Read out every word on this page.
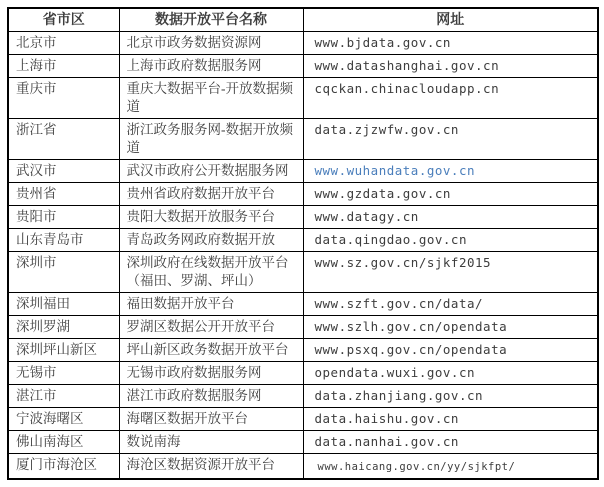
省市区	数据开放平台名称	网址
北京市	北京市政务数据资源网	www.bjdata.gov.cn
上海市	上海市政府数据服务网	www.datashanghai.gov.cn
重庆市	重庆大数据平台-开放数据频道	cqckan.chinacloudapp.cn
浙江省	浙江政务服务网-数据开放频道	data.zjzwfw.gov.cn
武汉市	武汉市政府公开数据服务网	www.wuhandata.gov.cn
贵州省	贵州省政府数据开放平台	www.gzdata.gov.cn
贵阳市	贵阳大数据开放服务平台	www.datagy.cn
山东青岛市	青岛政务网政府数据开放	data.qingdao.gov.cn
深圳市	深圳政府在线数据开放平台（福田、罗湖、坪山）	www.sz.gov.cn/sjkf2015
深圳福田	福田数据开放平台	www.szft.gov.cn/data/
深圳罗湖	罗湖区数据公开开放平台	www.szlh.gov.cn/opendata
深圳坪山新区	坪山新区政务数据开放平台	www.psxq.gov.cn/opendata
无锡市	无锡市政府数据服务网	opendata.wuxi.gov.cn
湛江市	湛江市政府数据服务网	data.zhanjiang.gov.cn
宁波海曙区	海曙区数据开放平台	data.haishu.gov.cn
佛山南海区	数说南海	data.nanhai.gov.cn
厦门市海沧区	海沧区数据资源开放平台	www.haicang.gov.cn/yy/sjkfpt/
